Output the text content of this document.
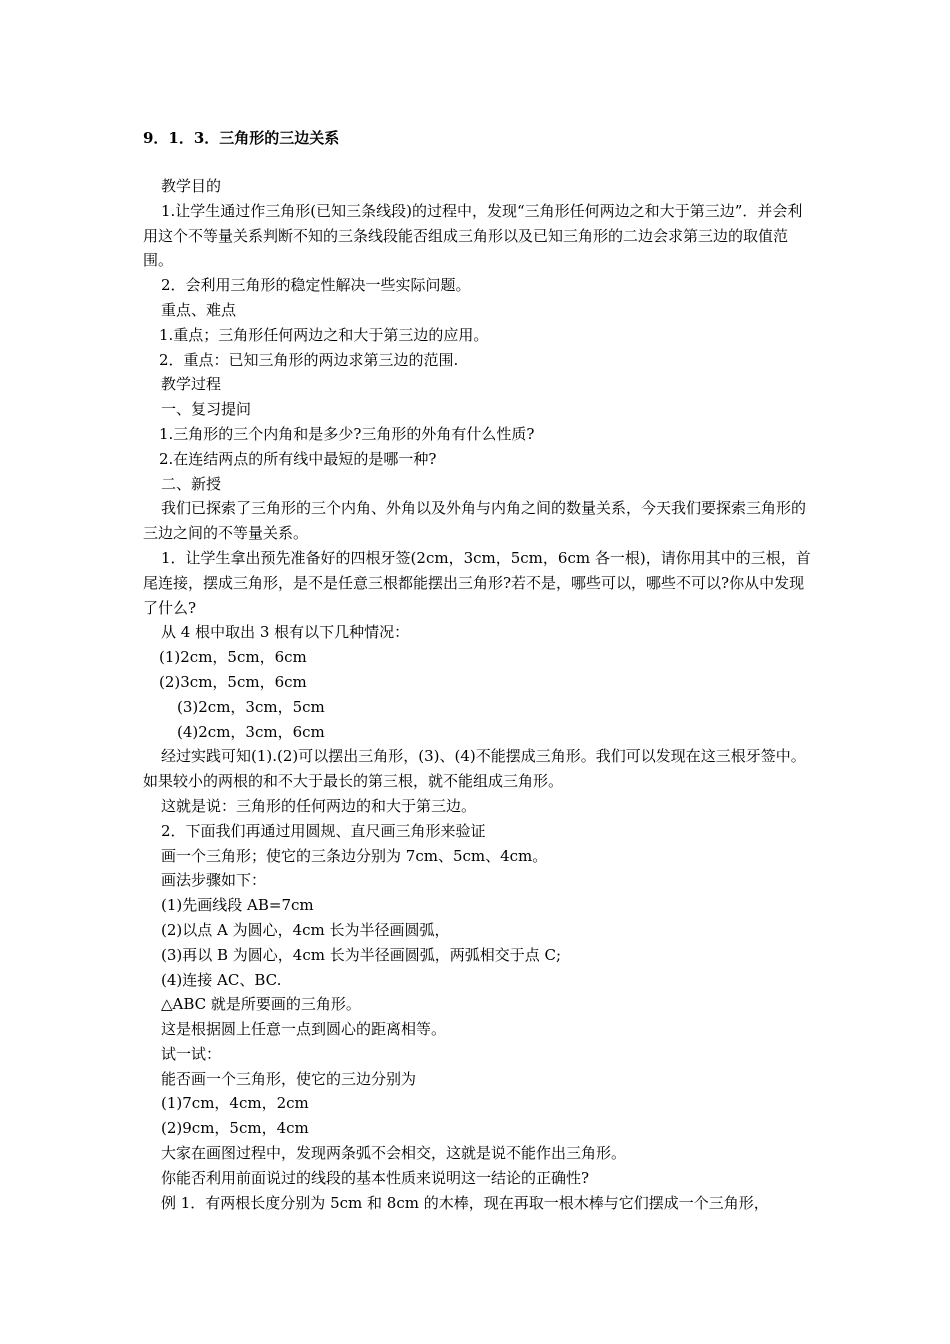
9．1．3．三角形的三边关系

教学目的

1.让学生通过作三角形(已知三条线段)的过程中，发现“三角形任何两边之和大于第三边”．并会利用这个不等量关系判断不知的三条线段能否组成三角形以及已知三角形的二边会求第三边的取值范围。

2．会利用三角形的稳定性解决一些实际问题。

重点、难点

1.重点；三角形任何两边之和大于第三边的应用。

2．重点：已知三角形的两边求第三边的范围.

教学过程

一、复习提问

1.三角形的三个内角和是多少?三角形的外角有什么性质?

2.在连结两点的所有线中最短的是哪一种?

二、新授

我们已探索了三角形的三个内角、外角以及外角与内角之间的数量关系，今天我们要探索三角形的三边之间的不等量关系。

1．让学生拿出预先准备好的四根牙签(2cm，3cm，5cm，6cm 各一根)，请你用其中的三根，首尾连接，摆成三角形，是不是任意三根都能摆出三角形?若不是，哪些可以，哪些不可以?你从中发现了什么?

从 4 根中取出 3 根有以下几种情况：

(1)2cm，5cm，6cm

(2)3cm，5cm，6cm

(3)2cm，3cm，5cm

(4)2cm，3cm，6cm

经过实践可知(1).(2)可以摆出三角形，(3)、(4)不能摆成三角形。我们可以发现在这三根牙签中。如果较小的两根的和不大于最长的第三根，就不能组成三角形。

这就是说：三角形的任何两边的和大于第三边。

2．下面我们再通过用圆规、直尺画三角形来验证

画一个三角形；使它的三条边分别为 7cm、5cm、4cm。

画法步骤如下：

(1)先画线段 AB=7cm

(2)以点 A 为圆心，4cm 长为半径画圆弧，

(3)再以 B 为圆心，4cm 长为半径画圆弧，两弧相交于点 C;

(4)连接 AC、BC.

△ABC 就是所要画的三角形。

这是根据圆上任意一点到圆心的距离相等。

试一试：

能否画一个三角形，使它的三边分别为

(1)7cm，4cm，2cm

(2)9cm，5cm，4cm

大家在画图过程中，发现两条弧不会相交，这就是说不能作出三角形。

你能否利用前面说过的线段的基本性质来说明这一结论的正确性?

例 1．有两根长度分别为 5cm 和 8cm 的木棒，现在再取一根木棒与它们摆成一个三角形，
